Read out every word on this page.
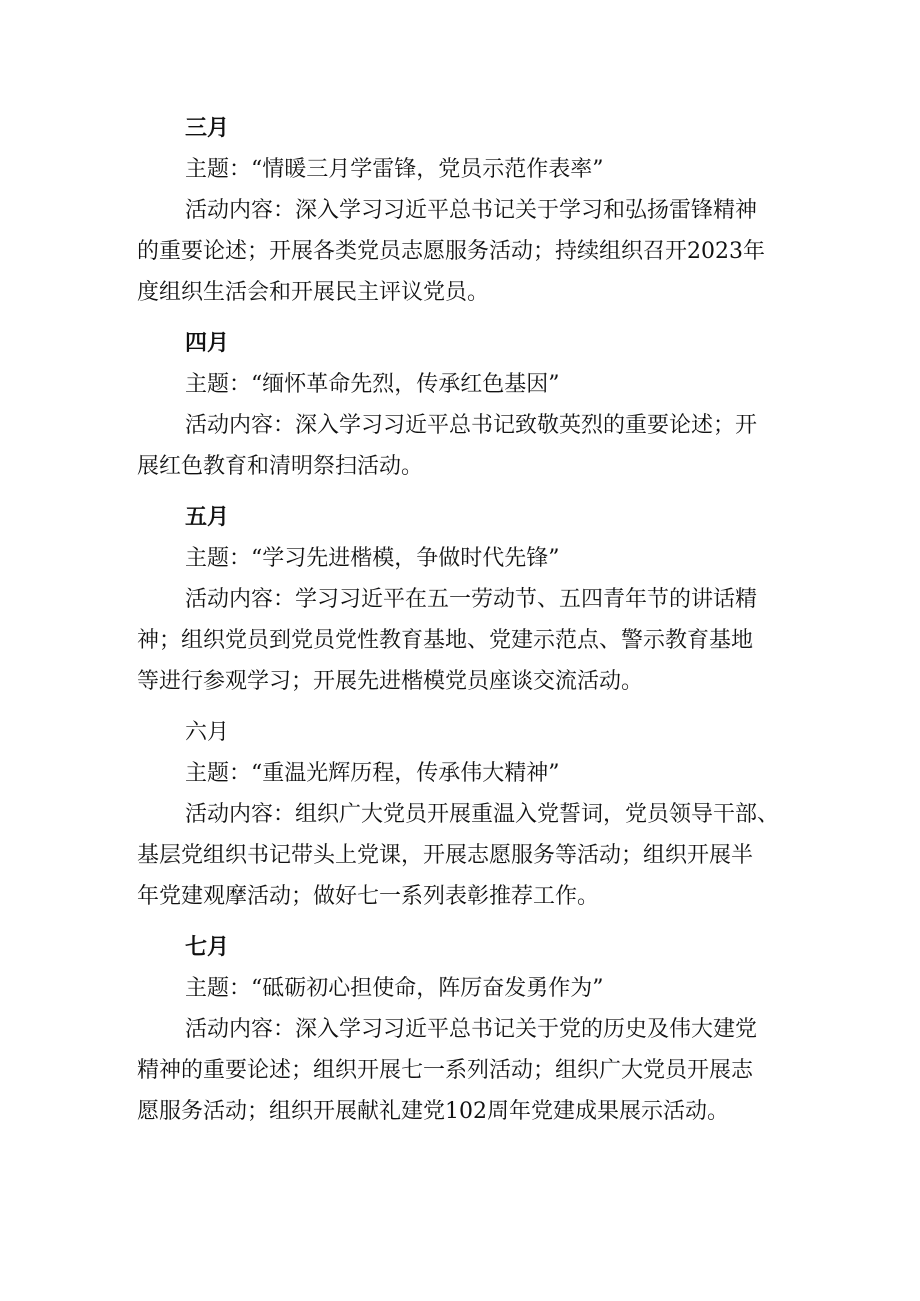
三月
主题：“情暖三月学雷锋，党员示范作表率”
活动内容：深入学习习近平总书记关于学习和弘扬雷锋精神
的重要论述；开展各类党员志愿服务活动；持续组织召开2023年
度组织生活会和开展民主评议党员。
四月
主题：“缅怀革命先烈，传承红色基因”
活动内容：深入学习习近平总书记致敬英烈的重要论述；开
展红色教育和清明祭扫活动。
五月
主题：“学习先进楷模，争做时代先锋”
活动内容：学习习近平在五一劳动节、五四青年节的讲话精
神；组织党员到党员党性教育基地、党建示范点、警示教育基地
等进行参观学习；开展先进楷模党员座谈交流活动。
六月
主题：“重温光辉历程，传承伟大精神”
活动内容：组织广大党员开展重温入党誓词，党员领导干部、
基层党组织书记带头上党课，开展志愿服务等活动；组织开展半
年党建观摩活动；做好七一系列表彰推荐工作。
七月
主题：“砥砺初心担使命，阵厉奋发勇作为”
活动内容：深入学习习近平总书记关于党的历史及伟大建党
精神的重要论述；组织开展七一系列活动；组织广大党员开展志
愿服务活动；组织开展献礼建党102周年党建成果展示活动。
